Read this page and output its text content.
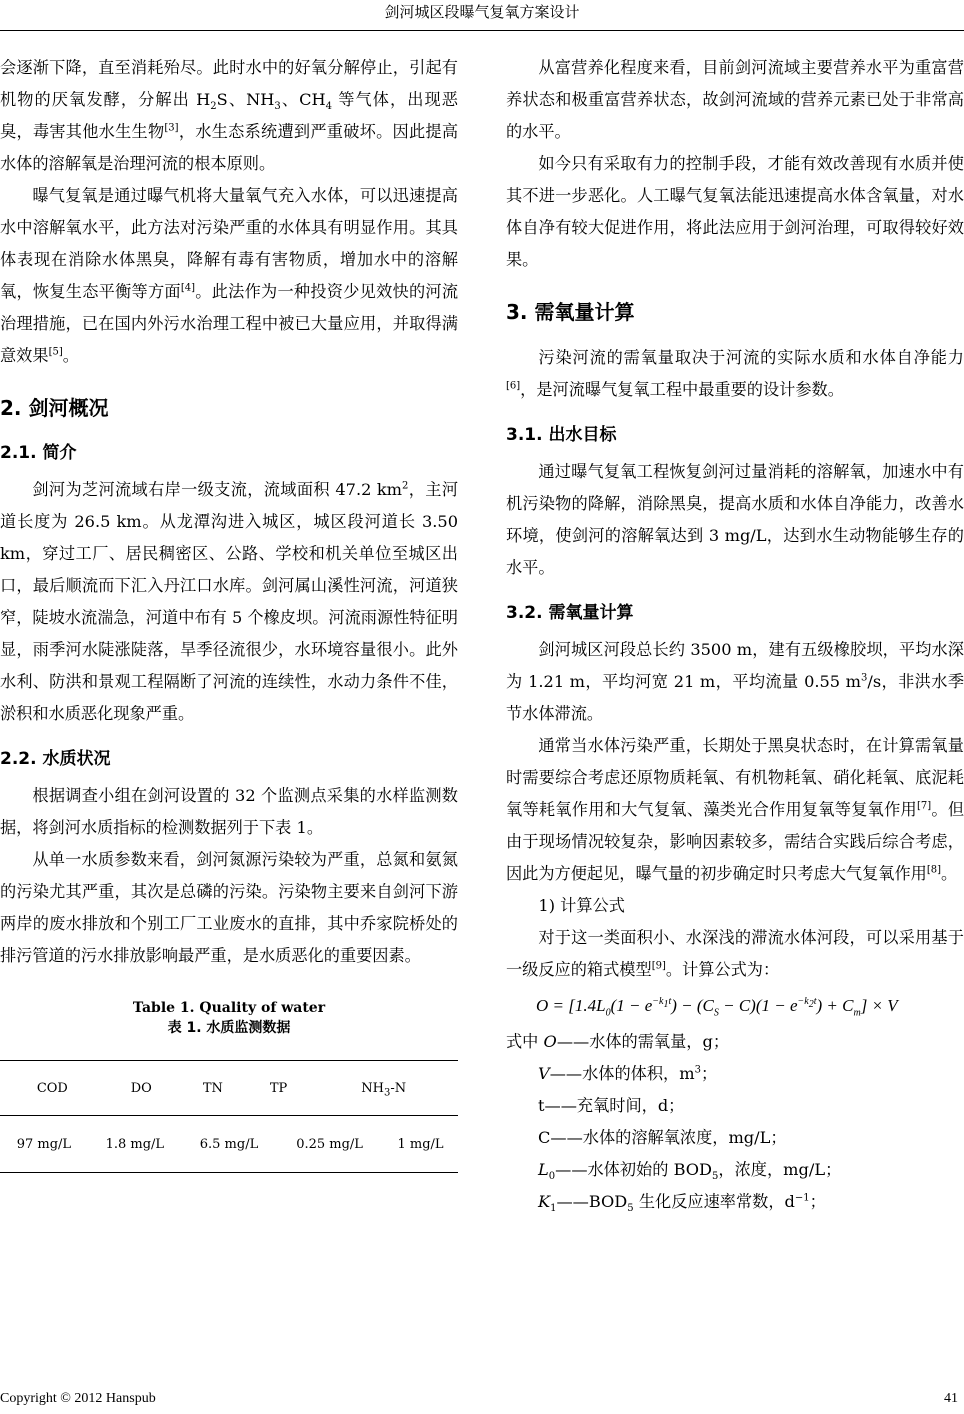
剑河城区段曝气复氧方案设计

会逐渐下降，直至消耗殆尽。此时水中的好氧分解停止，引起有机物的厌氧发酵，分解出 $H_2S$、$NH_3$、$CH_4$ 等气体，出现恶臭，毒害其他水生生物[3]，水生态系统遭到严重破坏。因此提高水体的溶解氧是治理河流的根本原则。

曝气复氧是通过曝气机将大量氧气充入水体，可以迅速提高水中溶解氧水平，此方法对污染严重的水体具有明显作用。其具体表现在消除水体黑臭，降解有毒有害物质，增加水中的溶解氧，恢复生态平衡等方面[4]。此法作为一种投资少见效快的河流治理措施，已在国内外污水治理工程中被已大量应用，并取得满意效果[5]。

2. 剑河概况
2.1. 简介

剑河为芝河流域右岸一级支流，流域面积 47.2 $km^2$，主河道长度为 26.5 km。从龙潭沟进入城区，城区段河道长 3.50 km，穿过工厂、居民稠密区、公路、学校和机关单位至城区出口，最后顺流而下汇入丹江口水库。剑河属山溪性河流，河道狭窄，陡坡水流湍急，河道中布有 5 个橡皮坝。河流雨源性特征明显，雨季河水陡涨陡落，旱季径流很少，水环境容量很小。此外水利、防洪和景观工程隔断了河流的连续性，水动力条件不佳，淤积和水质恶化现象严重。

2.2. 水质状况

根据调查小组在剑河设置的 32 个监测点采集的水样监测数据，将剑河水质指标的检测数据列于下表 1。

从单一水质参数来看，剑河氮源污染较为严重，总氮和氨氮的污染尤其严重，其次是总磷的污染。污染物主要来自剑河下游两岸的废水排放和个别工厂工业废水的直排，其中乔家院桥处的排污管道的污水排放影响最严重，是水质恶化的重要因素。

Table 1. Quality of water
表 1. 水质监测数据
COD	DO	TN	TP	$NH_3-N$
97 mg/L	1.8 mg/L	6.5 mg/L	0.25 mg/L	1 mg/L

从富营养化程度来看，目前剑河流域主要营养水平为重富营养状态和极重富营养状态，故剑河流域的营养元素已处于非常高的水平。

如今只有采取有力的控制手段，才能有效改善现有水质并使其不进一步恶化。人工曝气复氧法能迅速提高水体含氧量，对水体自净有较大促进作用，将此法应用于剑河治理，可取得较好效果。

3. 需氧量计算

污染河流的需氧量取决于河流的实际水质和水体自净能力[6]，是河流曝气复氧工程中最重要的设计参数。

3.1. 出水目标

通过曝气复氧工程恢复剑河过量消耗的溶解氧，加速水中有机污染物的降解，消除黑臭，提高水质和水体自净能力，改善水环境，使剑河的溶解氧达到 3 mg/L，达到水生动物能够生存的水平。

3.2. 需氧量计算

剑河城区河段总长约 3500 m，建有五级橡胶坝，平均水深为 1.21 m，平均河宽 21 m，平均流量 0.55 $m^3/s$，非洪水季节水体滞流。

通常当水体污染严重，长期处于黑臭状态时，在计算需氧量时需要综合考虑还原物质耗氧、有机物耗氧、硝化耗氧、底泥耗氧等耗氧作用和大气复氧、藻类光合作用复氧等复氧作用[7]。但由于现场情况较复杂，影响因素较多，需结合实践后综合考虑，因此为方便起见，曝气量的初步确定时只考虑大气复氧作用[8]。

1) 计算公式

对于这一类面积小、水深浅的滞流水体河段，可以采用基于一级反应的箱式模型[9]。计算公式为：

$O = [1.4L_0(1 - e^{-k_1t}) - (C_S - C)(1 - e^{-k_2t}) + C_m] \times V$

式中 O——水体的需氧量，g；

V——水体的体积，$m^3$；

t——充氧时间，d；

C——水体的溶解氧浓度，mg/L；

$L_0——$水体初始的 $BOD_5$，浓度，mg/L；

$K_1——BOD_5$ 生化反应速率常数，$d^{-1}$；

Copyright © 2012 Hanspub	41
